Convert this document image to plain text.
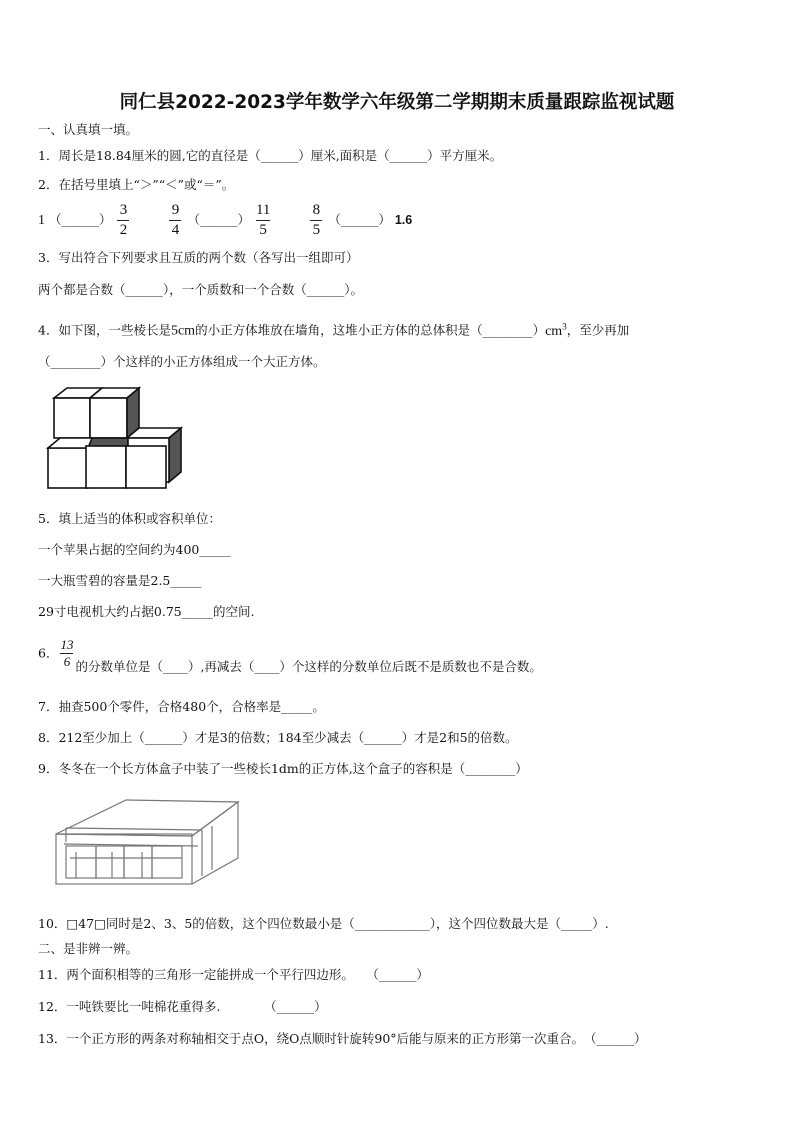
同仁县2022-2023学年数学六年级第二学期期末质量跟踪监视试题
一、认真填一填。
1．周长是18.84厘米的圆,它的直径是（______）厘米,面积是（______）平方厘米。
2．在括号里填上“＞”“＜”或“＝”。
1 （______） $\frac{3}{2}$
	$\frac{9}{4}$ （______） $\frac{11}{5}$
	$\frac{8}{5}$ （______） 1.6
3．写出符合下列要求且互质的两个数（各写出一组即可）
两个都是合数（______），一个质数和一个合数（______）。
4．如下图，一些棱长是5cm的小正方体堆放在墙角，这堆小正方体的总体积是$(\_\_\_\_\_\_\_\_)cm^3$，至少再加
（________）个这样的小正方体组成一个大正方体。
5．填上适当的体积或容积单位：
一个苹果占据的空间约为400_____
一大瓶雪碧的容量是2.5_____
29寸电视机大约占据0.75_____的空间.
6． $\frac{13}{6}$ 的分数单位是（____）,再减去（____）个这样的分数单位后既不是质数也不是合数。
7．抽查500个零件，合格480个，合格率是_____。
8．212至少加上（______）才是3的倍数；184至少减去（______）才是2和5的倍数。
9．冬冬在一个长方体盒子中装了一些棱长1dm的正方体,这个盒子的容积是（________）
10．□47□同时是2、3、5的倍数，这个四位数最小是（____________），这个四位数最大是（_____）.
二、是非辨一辨。
11．两个面积相等的三角形一定能拼成一个平行四边形。　　（______）
12．一吨铁要比一吨棉花重得多.　　　　（______）
13．一个正方形的两条对称轴相交于点O，绕O点顺时针旋转90°后能与原来的正方形第一次重合。　（______）
